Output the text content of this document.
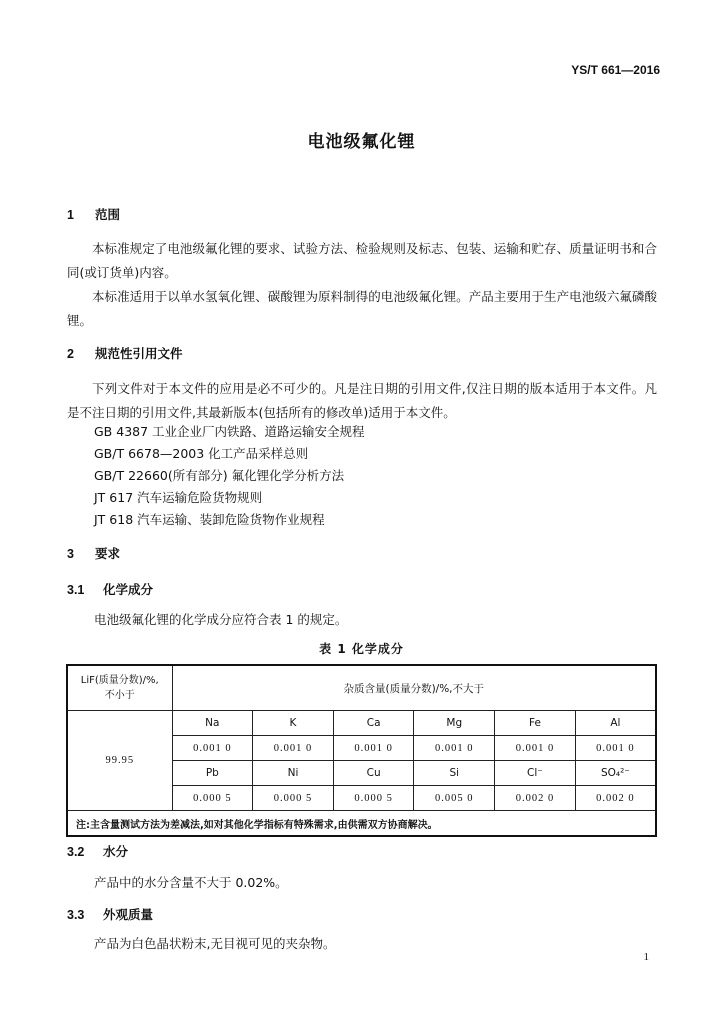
YS/T 661—2016
电池级氟化锂
1 范围
本标准规定了电池级氟化锂的要求、试验方法、检验规则及标志、包装、运输和贮存、质量证明书和合同(或订货单)内容。
本标准适用于以单水氢氧化锂、碳酸锂为原料制得的电池级氟化锂。产品主要用于生产电池级六氟磷酸锂。
2 规范性引用文件
下列文件对于本文件的应用是必不可少的。凡是注日期的引用文件,仅注日期的版本适用于本文件。凡是不注日期的引用文件,其最新版本(包括所有的修改单)适用于本文件。
GB 4387 工业企业厂内铁路、道路运输安全规程
GB/T 6678—2003 化工产品采样总则
GB/T 22660(所有部分) 氟化锂化学分析方法
JT 617 汽车运输危险货物规则
JT 618 汽车运输、装卸危险货物作业规程
3 要求
3.1 化学成分
电池级氟化锂的化学成分应符合表 1 的规定。
表 1 化学成分
LiF(质量分数)/%,
不小于	杂质含量(质量分数)/%,不大于					
99.95	Na	K	Ca	Mg	Fe	Al
	0.001 0	0.001 0	0.001 0	0.001 0	0.001 0	0.001 0
	Pb	Ni	Cu	Si	Cl⁻	SO₄²⁻
	0.000 5	0.000 5	0.000 5	0.005 0	0.002 0	0.002 0
注:主含量测试方法为差减法,如对其他化学指标有特殊需求,由供需双方协商解决。						
3.2 水分
产品中的水分含量不大于 0.02%。
3.3 外观质量
产品为白色晶状粉末,无目视可见的夹杂物。
1
